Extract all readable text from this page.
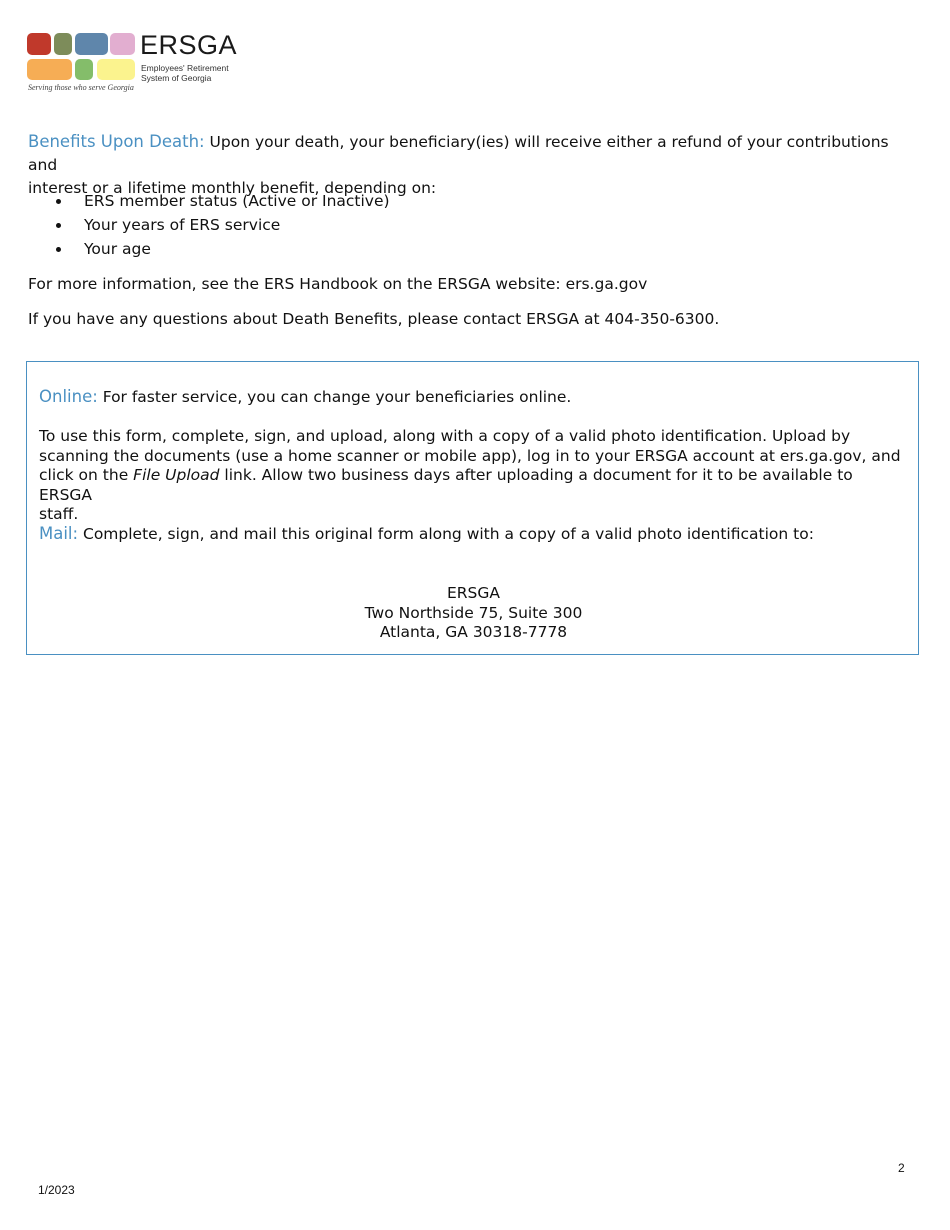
ERSGA
Employees' Retirement
System of Georgia
Serving those who serve Georgia
Benefits Upon Death: Upon your death, your beneficiary(ies) will receive either a refund of your contributions and
interest or a lifetime monthly benefit, depending on:
ERS member status (Active or Inactive)
Your years of ERS service
Your age
For more information, see the ERS Handbook on the ERSGA website: ers.ga.gov
If you have any questions about Death Benefits, please contact ERSGA at 404-350-6300.
Online: For faster service, you can change your beneficiaries online.
To use this form, complete, sign, and upload, along with a copy of a valid photo identification. Upload by
scanning the documents (use a home scanner or mobile app), log in to your ERSGA account at ers.ga.gov, and
click on the File Upload link. Allow two business days after uploading a document for it to be available to ERSGA
staff.
Mail: Complete, sign, and mail this original form along with a copy of a valid photo identification to:
ERSGA
Two Northside 75, Suite 300
Atlanta, GA 30318-7778
2
1/2023
